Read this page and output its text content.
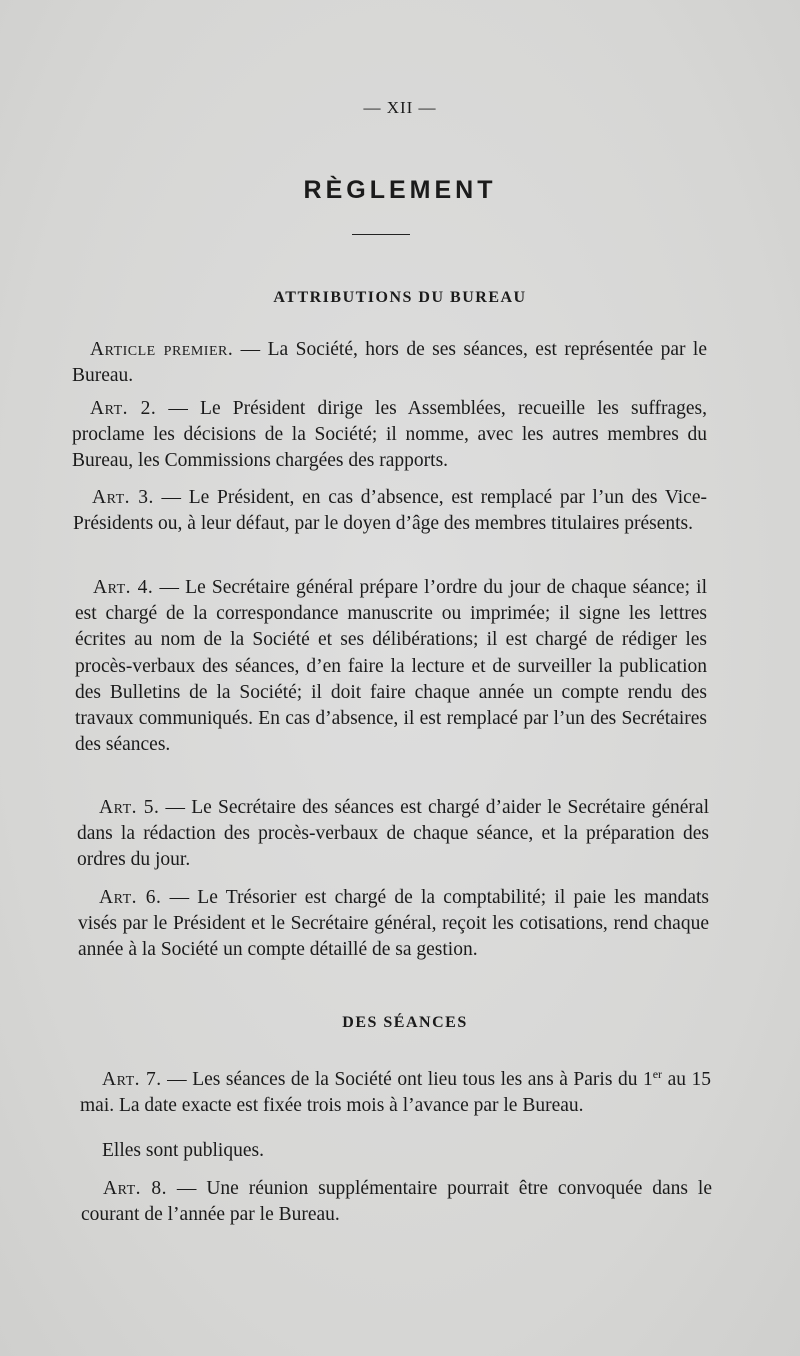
— XII —
RÈGLEMENT
ATTRIBUTIONS DU BUREAU

Article premier. — La Société, hors de ses séances, est représentée par le Bureau.

Art. 2. — Le Président dirige les Assemblées, recueille les suffrages, proclame les décisions de la Société; il nomme, avec les autres membres du Bureau, les Commissions chargées des rapports.

Art. 3. — Le Président, en cas d’absence, est remplacé par l’un des Vice-Présidents ou, à leur défaut, par le doyen d’âge des membres titulaires présents.

Art. 4. — Le Secrétaire général prépare l’ordre du jour de chaque séance; il est chargé de la correspondance manuscrite ou imprimée; il signe les lettres écrites au nom de la Société et ses délibérations; il est chargé de rédiger les procès-verbaux des séances, d’en faire la lecture et de surveiller la publication des Bulletins de la Société; il doit faire chaque année un compte rendu des travaux communiqués. En cas d’absence, il est remplacé par l’un des Secrétaires des séances.

Art. 5. — Le Secrétaire des séances est chargé d’aider le Secrétaire général dans la rédaction des procès-verbaux de chaque séance, et la préparation des ordres du jour.

Art. 6. — Le Trésorier est chargé de la comptabilité; il paie les mandats visés par le Président et le Secrétaire général, reçoit les cotisations, rend chaque année à la Société un compte détaillé de sa gestion.

DES SÉANCES

Art. 7. — Les séances de la Société ont lieu tous les ans à Paris du 1er au 15 mai. La date exacte est fixée trois mois à l’avance par le Bureau.

Elles sont publiques.

Art. 8. — Une réunion supplémentaire pourrait être convoquée dans le courant de l’année par le Bureau.
